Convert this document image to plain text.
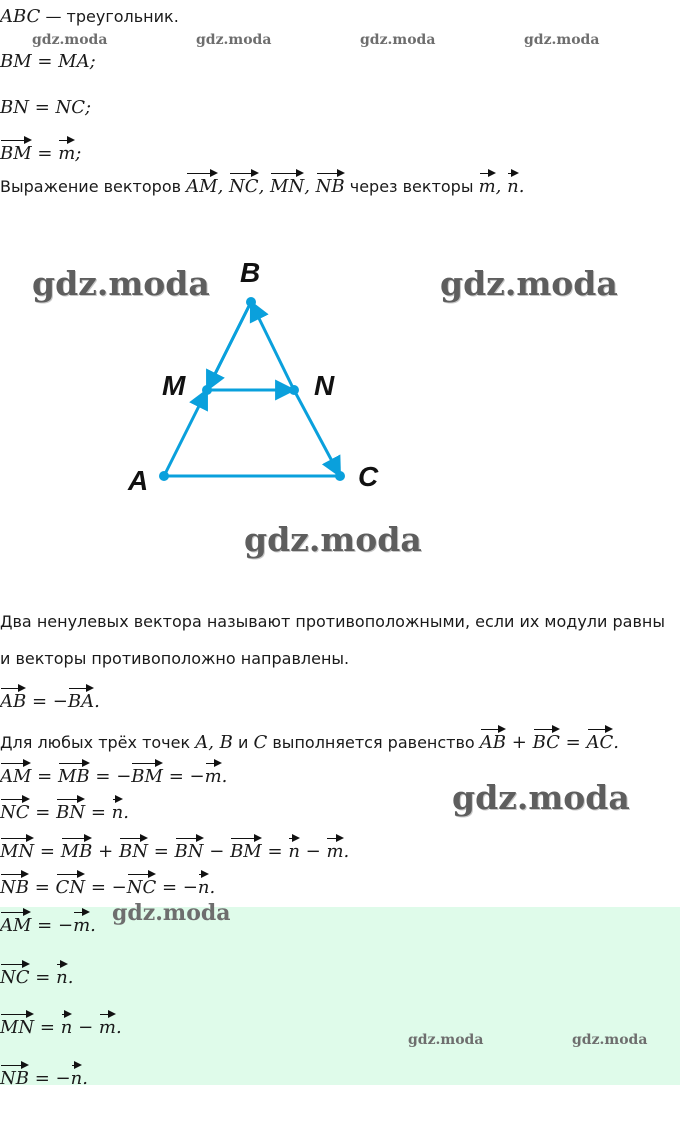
ABC — треугольник.
BM = MA;
BN = NC;
BM = m;
Выражение векторов AM, NC, MN, NB через векторы m, n.
gdz.moda	gdz.moda	gdz.moda	gdz.moda
A
B
C
M	N
gdz.moda	gdz.moda
gdz.moda
Два ненулевых вектора называют противоположными, если их модули равны
и векторы противоположно направлены.
AB = −BA.
Для любых трёх точек A, B и C выполняется равенство AB + BC = AC.
AM = MB = −BM = −m.
NC = BN = n.
MN = MB + BN = BN − BM = n − m.
NB = CN = −NC = −n.
gdz.moda
AM = −m. gdz.moda
NC = n.
MN = n − m.
NB = −n.
gdz.moda	gdz.moda
